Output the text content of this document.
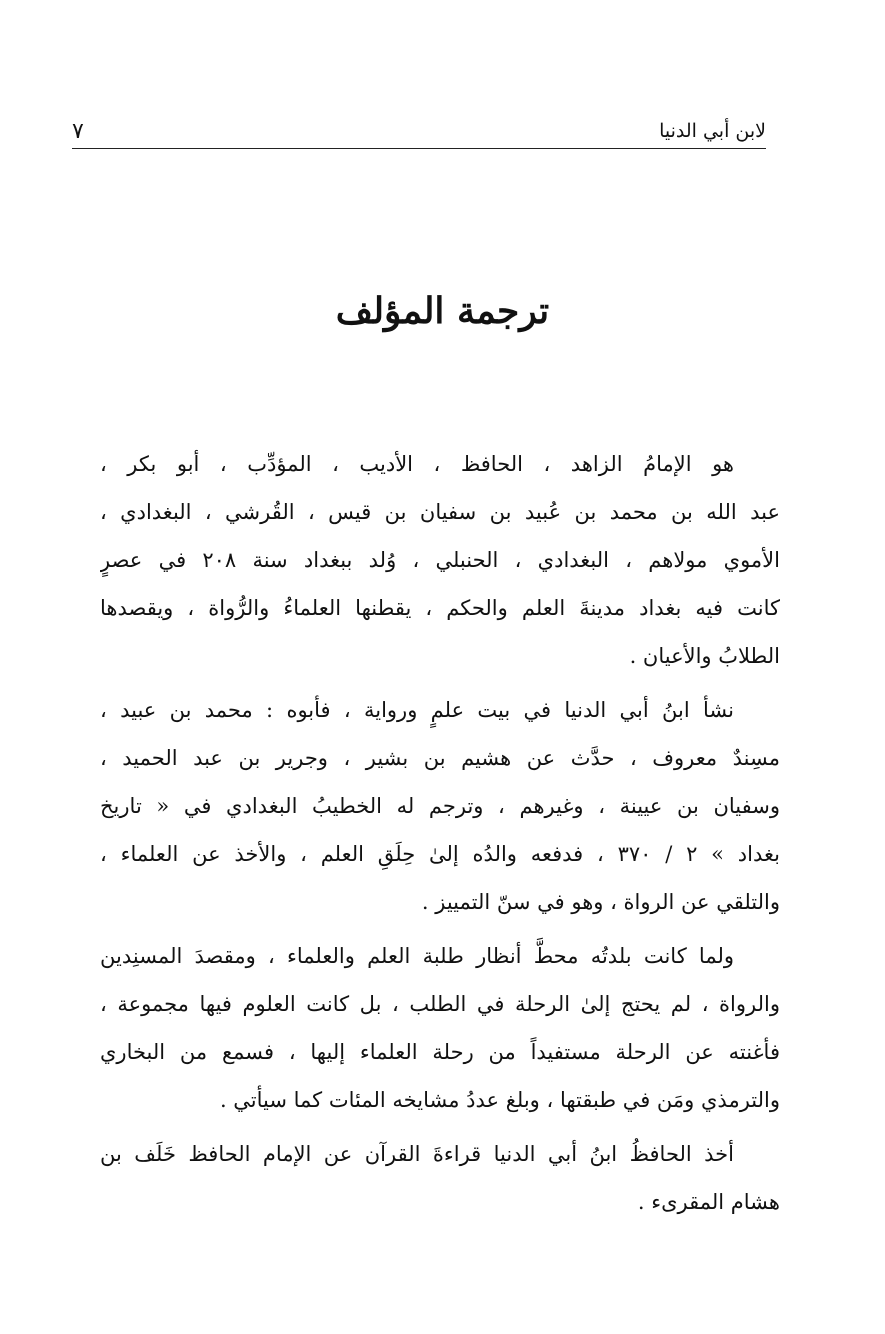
لابن أبي الدنيا
٧
ترجمة المؤلف

هو الإمامُ الزاهد ، الحافظ ، الأديب ، المؤدِّب ، أبو بكر ،
عبد الله بن محمد بن عُبيد بن سفيان بن قيس ، القُرشي ، البغدادي ،
الأموي مولاهم ، البغدادي ، الحنبلي ، وُلد ببغداد سنة ٢٠٨ في عصرٍ
كانت فيه بغداد مدينةَ العلم والحكم ، يقطنها العلماءُ والرُّواة ، ويقصدها
الطلابُ والأعيان .

نشأ ابنُ أبي الدنيا في بيت علمٍ ورواية ، فأبوه : محمد بن عبيد ،
مسِندٌ معروف ، حدَّث عن هشيم بن بشير ، وجرير بن عبد الحميد ،
وسفيان بن عيينة ، وغيرهم ، وترجم له الخطيبُ البغدادي في « تاريخ
بغداد » ٢ / ٣٧٠ ، فدفعه والدُه إلىٰ حِلَقِ العلم ، والأخذ عن العلماء ،
والتلقي عن الرواة ، وهو في سنّ التمييز .

ولما كانت بلدتُه محطَّ أنظار طلبة العلم والعلماء ، ومقصدَ المسنِدين
والرواة ، لم يحتج إلىٰ الرحلة في الطلب ، بل كانت العلوم فيها مجموعة ،
فأغنته عن الرحلة مستفيداً من رحلة العلماء إليها ، فسمع من البخاري
والترمذي ومَن في طبقتها ، وبلغ عددُ مشايخه المئات كما سيأتي .

أخذ الحافظُ ابنُ أبي الدنيا قراءةَ القرآن عن الإمام الحافظ خَلَف بن
هشام المقرىء .
